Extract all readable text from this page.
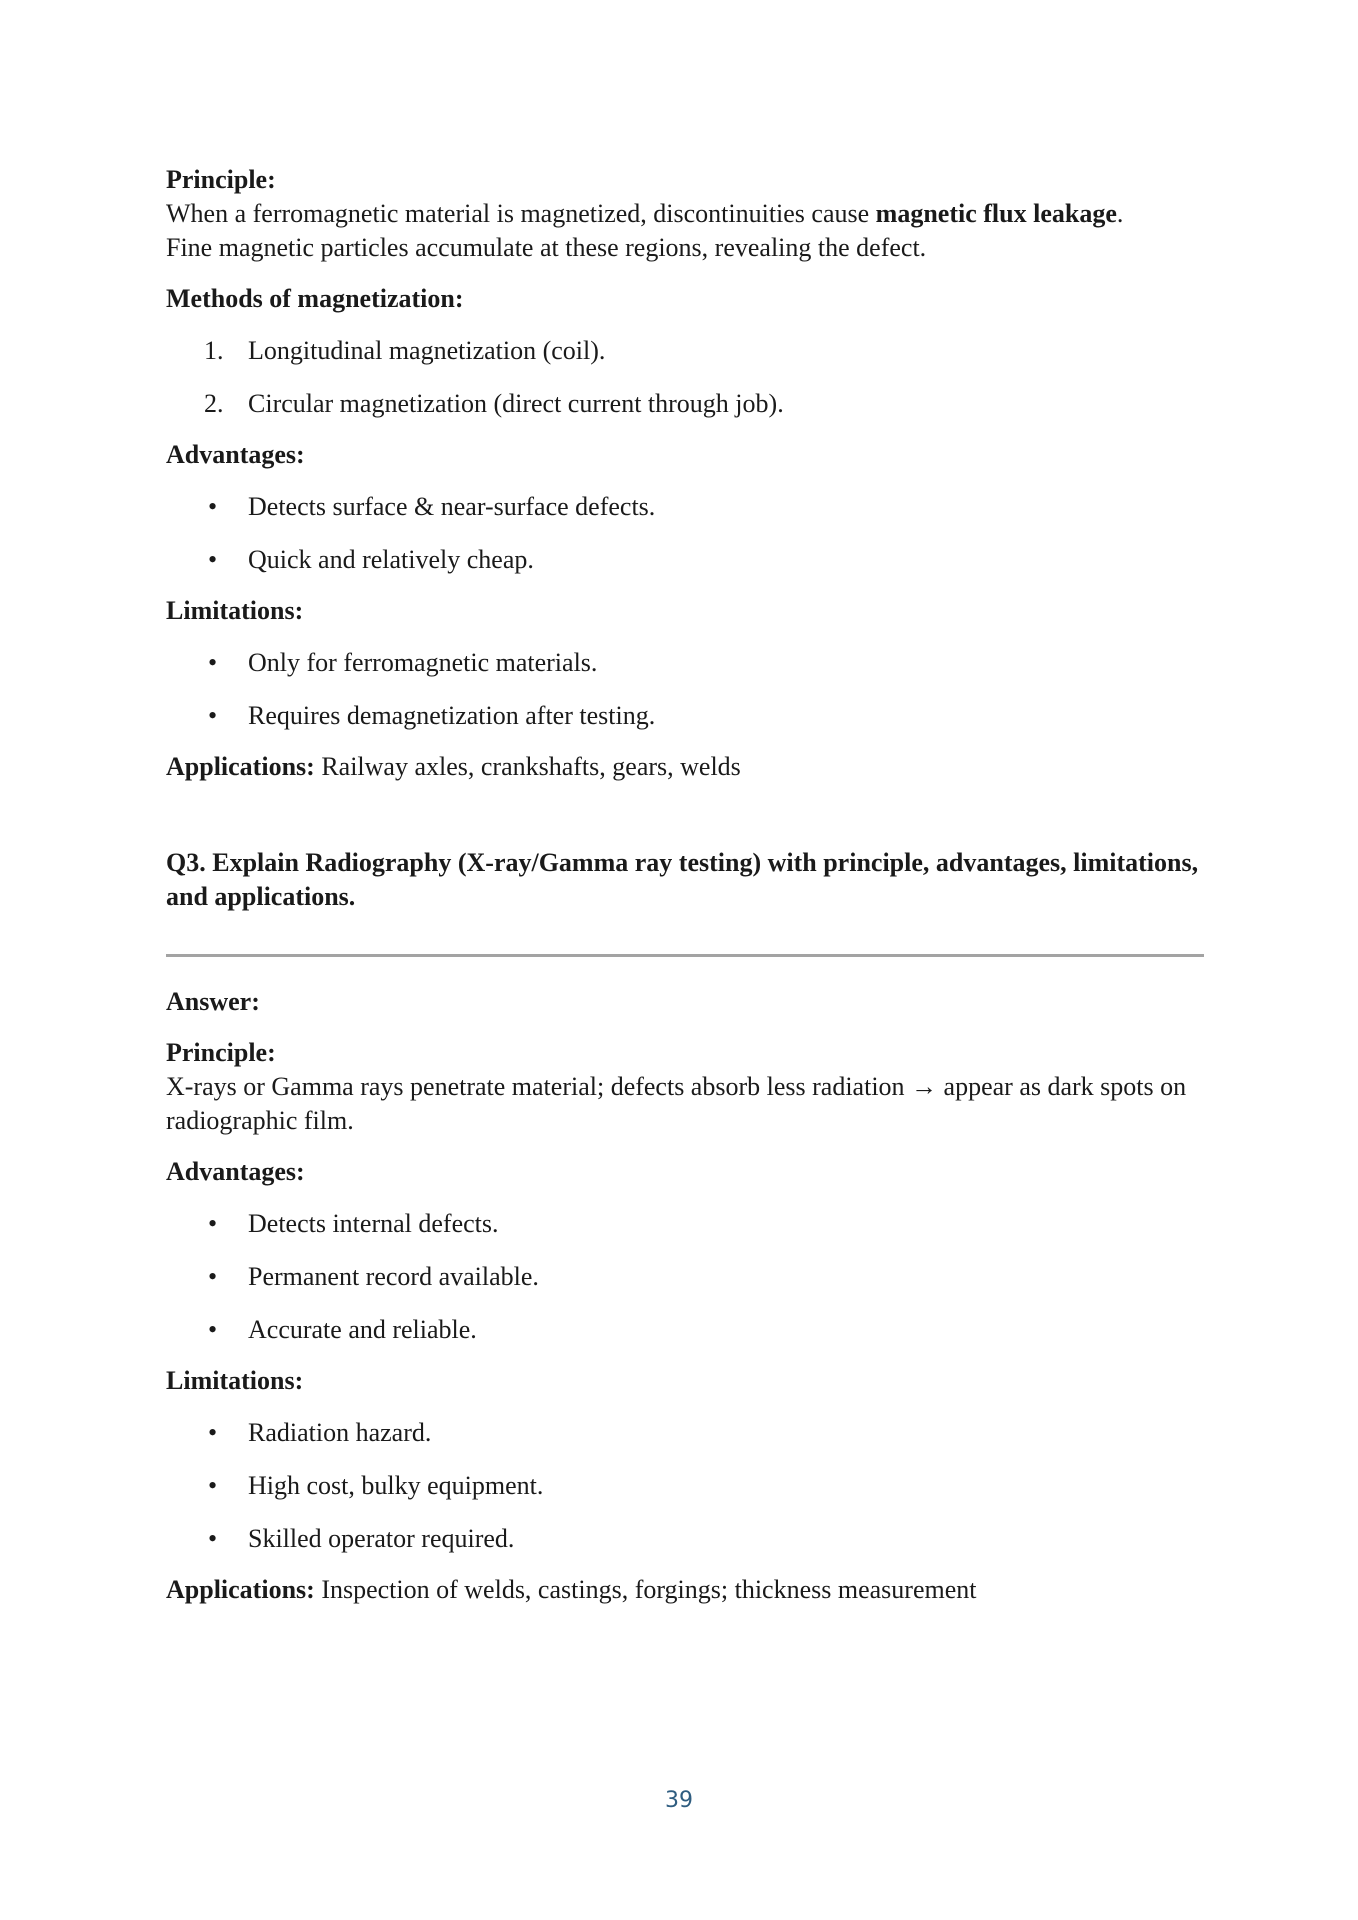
Principle:

When a ferromagnetic material is magnetized, discontinuities cause magnetic flux leakage.
Fine magnetic particles accumulate at these regions, revealing the defect.

Methods of magnetization:

1. Longitudinal magnetization (coil).
2. Circular magnetization (direct current through job).

Advantages:

• Detects surface & near-surface defects.
• Quick and relatively cheap.

Limitations:

• Only for ferromagnetic materials.
• Requires demagnetization after testing.

Applications: Railway axles, crankshafts, gears, welds

Q3. Explain Radiography (X-ray/Gamma ray testing) with principle, advantages, limitations, and applications.

Answer:

Principle:

X-rays or Gamma rays penetrate material; defects absorb less radiation → appear as dark spots on radiographic film.

Advantages:

• Detects internal defects.
• Permanent record available.
• Accurate and reliable.

Limitations:

• Radiation hazard.
• High cost, bulky equipment.
• Skilled operator required.

Applications: Inspection of welds, castings, forgings; thickness measurement

39
